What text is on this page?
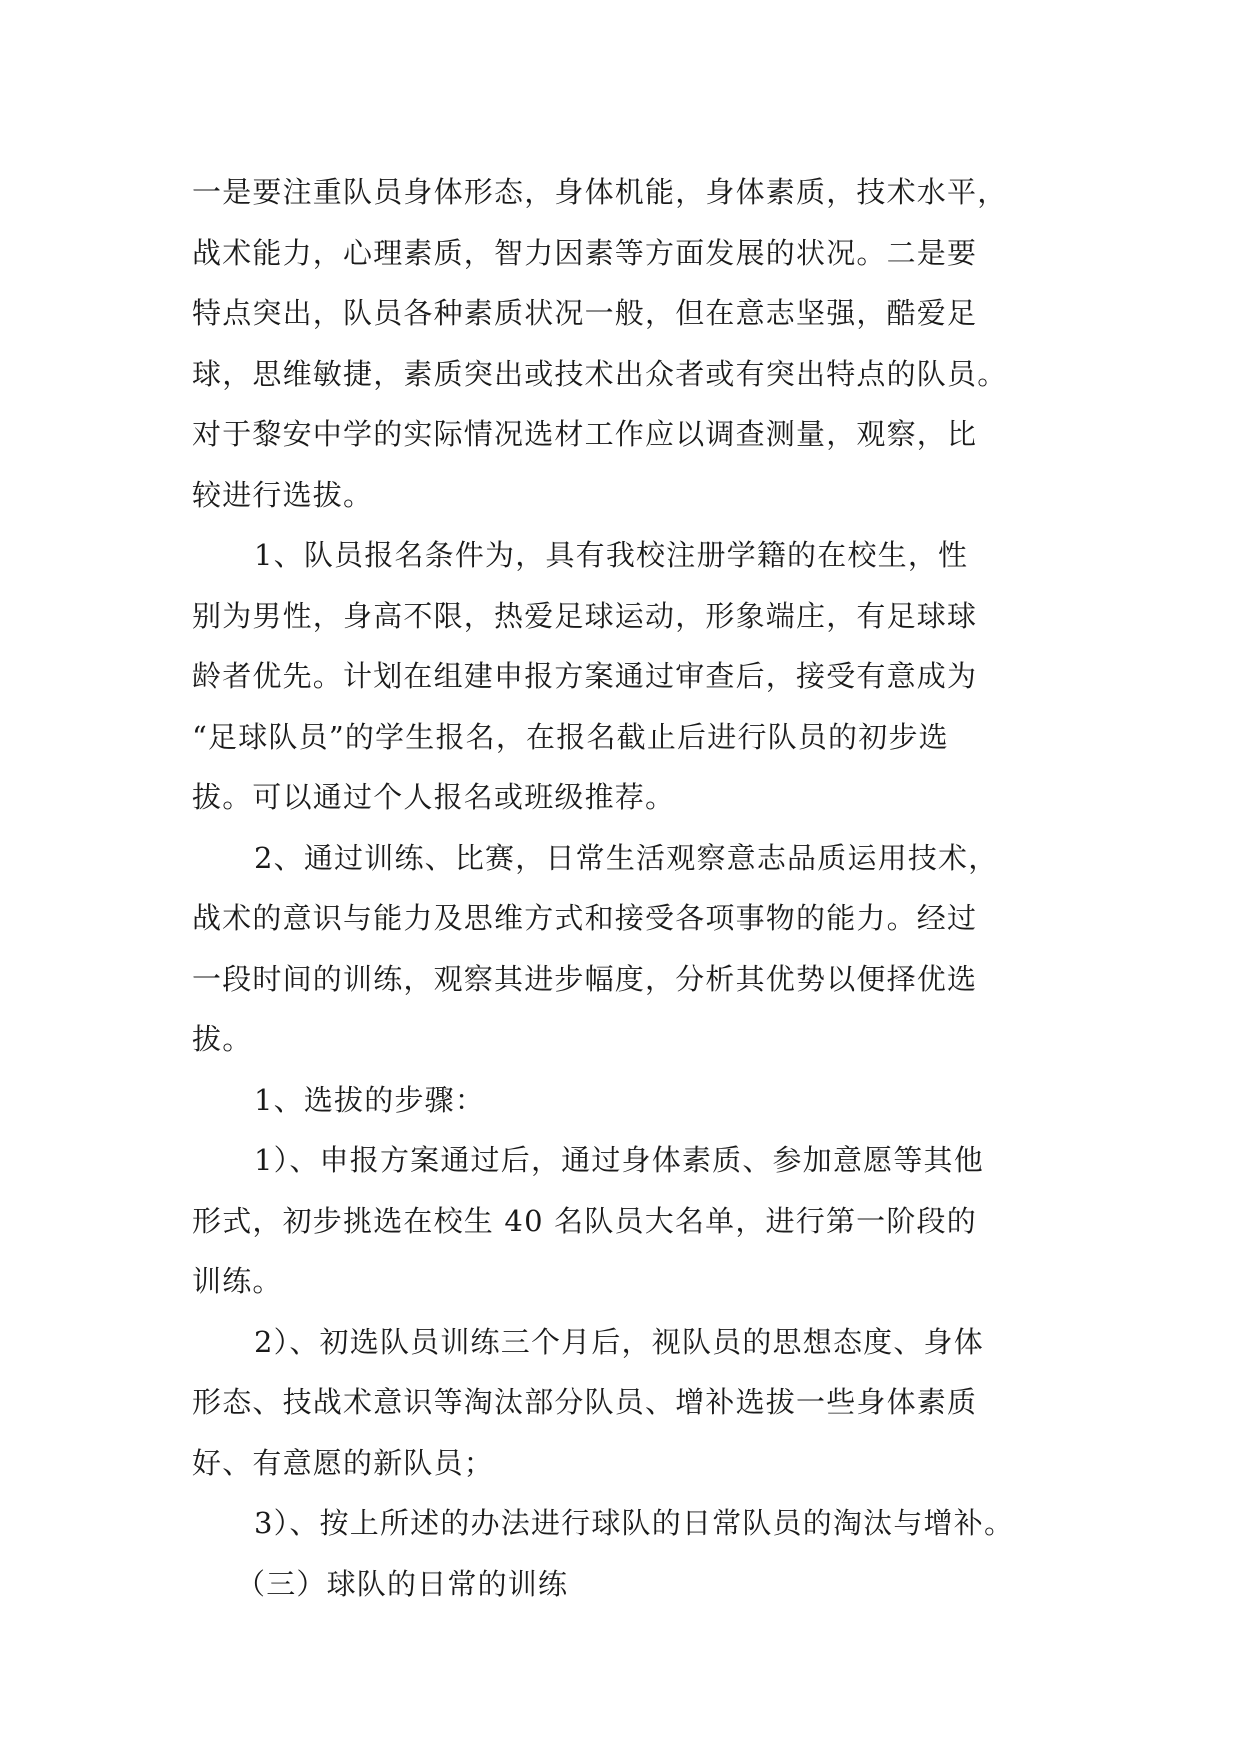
一是要注重队员身体形态，身体机能，身体素质，技术水平，
战术能力，心理素质，智力因素等方面发展的状况。二是要
特点突出，队员各种素质状况一般，但在意志坚强，酷爱足
球，思维敏捷，素质突出或技术出众者或有突出特点的队员。
对于黎安中学的实际情况选材工作应以调查测量，观察，比
较进行选拔。
1、队员报名条件为，具有我校注册学籍的在校生，性
别为男性，身高不限，热爱足球运动，形象端庄，有足球球
龄者优先。计划在组建申报方案通过审查后，接受有意成为
“足球队员”的学生报名，在报名截止后进行队员的初步选
拔。可以通过个人报名或班级推荐。
2、通过训练、比赛，日常生活观察意志品质运用技术，
战术的意识与能力及思维方式和接受各项事物的能力。经过
一段时间的训练，观察其进步幅度，分析其优势以便择优选
拔。
1、选拔的步骤：
1）、申报方案通过后，通过身体素质、参加意愿等其他
形式，初步挑选在校生 40 名队员大名单，进行第一阶段的
训练。
2）、初选队员训练三个月后，视队员的思想态度、身体
形态、技战术意识等淘汰部分队员、增补选拔一些身体素质
好、有意愿的新队员；
3）、按上所述的办法进行球队的日常队员的淘汰与增补。
（三）球队的日常的训练
